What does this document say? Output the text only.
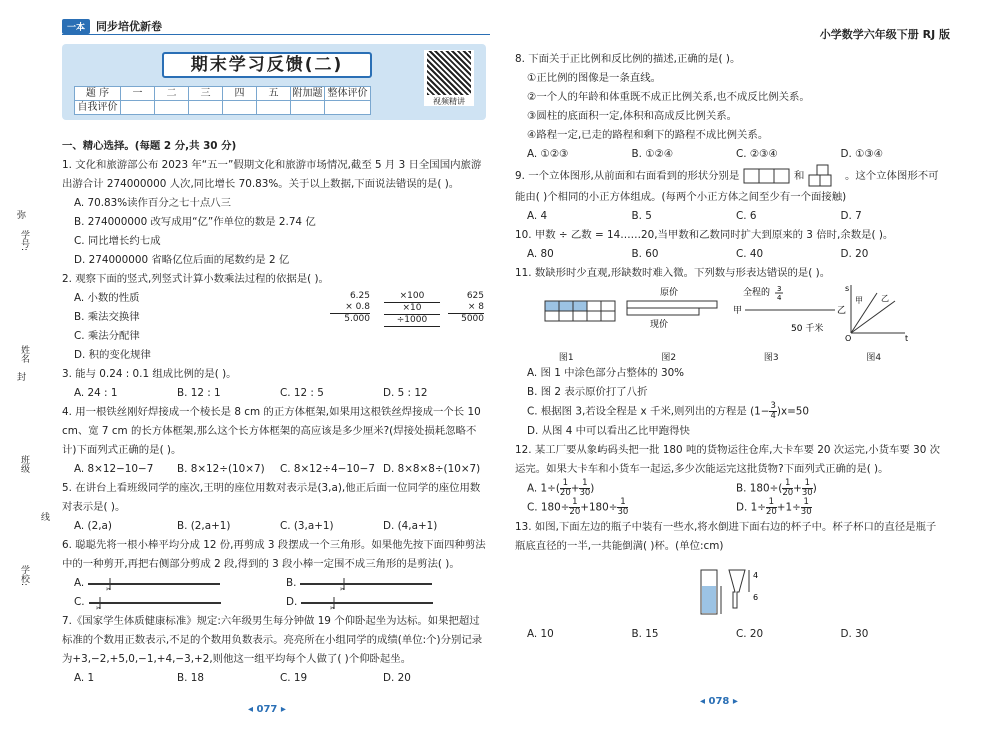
一本	同步培优新卷
小学数学六年级下册 RJ 版
弥
封
线
学号:
姓名
班级
学校:
期末学习反馈(二)
题 序	一	二	三	四	五	附加题	整体评价
自我评价							
视频精讲
一、精心选择。(每题 2 分,共 30 分)
1. 文化和旅游部公布 2023 年“五一”假期文化和旅游市场情况,截至 5 月 3 日全国国内旅游出游合计 274000000 人次,同比增长 70.83%。关于以上数据,下面说法错误的是( )。
A. 70.83%读作百分之七十点八三
B. 274000000 改写成用“亿”作单位的数是 2.74 亿
C. 同比增长约七成
D. 274000000 省略亿位后面的尾数约是 2 亿
2. 观察下面的竖式,列竖式计算小数乘法过程的依据是( )。
A. 小数的性质
B. 乘法交换律
C. 乘法分配律
D. 积的变化规律
6.25
× 0.8
5.000
×100
×10
÷1000
625
× 8
5000
3. 能与 0.24 : 0.1 组成比例的是( )。
A. 24 : 1	B. 12 : 1	C. 12 : 5	D. 5 : 12
4. 用一根铁丝刚好焊接成一个棱长是 8 cm 的正方体框架,如果用这根铁丝焊接成一个长 10 cm、宽 7 cm 的长方体框架,那么这个长方体框架的高应该是多少厘米?(焊接处损耗忽略不计)下面列式正确的是( )。
A. 8×12−10−7	B. 8×12÷(10×7)	C. 8×12÷4−10−7 D. 8×8×8÷(10×7)
5. 在讲台上看班级同学的座次,王明的座位用数对表示是(3,a),他正后面一位同学的座位用数对表示是( )。
A. (2,a)	B. (2,a+1)	C. (3,a+1)	D. (4,a+1)
6. 聪聪先将一根小棒平均分成 12 份,再剪成 3 段摆成一个三角形。如果他先按下面四种剪法中的一种剪开,再把右侧部分剪成 2 段,得到的 3 段小棒一定围不成三角形的是剪法( )。
A.	✂	B.	✂
C. ✂	D.	✂
7.《国家学生体质健康标准》规定:六年级男生每分钟做 19 个仰卧起坐为达标。如果把超过标准的个数用正数表示,不足的个数用负数表示。亮亮所在小组同学的成绩(单位:个)分别记录为+3,−2,+5,0,−1,+4,−3,+2,则他这一组平均每个人做了( )个仰卧起坐。
A. 1	B. 18	C. 19	D. 20
◂ 077 ▸
8. 下面关于正比例和反比例的描述,正确的是( )。
①正比例的图像是一条直线。
②一个人的年龄和体重既不成正比例关系,也不成反比例关系。
③圆柱的底面积一定,体积和高成反比例关系。
④路程一定,已走的路程和剩下的路程不成比例关系。
A. ①②③	B. ①②④	C. ②③④	D. ①③④
9. 一个立体图形,从前面和右面看到的形状分别是	和	。这个立体图形不可能由( )个相同的小正方体组成。(每两个小正方体之间至少有一个面接触)
A. 4	B. 5	C. 6	D. 7
10. 甲数 ÷ 乙数 = 14……20,当甲数和乙数同时扩大到原来的 3 倍时,余数是( )。
A. 80	B. 60	C. 40	D. 20
11. 数缺形时少直观,形缺数时难入微。下列数与形表达错误的是( )。
原价
现价
全程的 3
4
甲	乙
50 千米
s
t
甲 乙
O
图1	图2	图3	图4
A. 图 1 中涂色部分占整体的 30%
B. 图 2 表示原价打了八折
C. 根据图 3,若设全程是 x 千米,则列出的方程是 $(1- \frac{3}{4} )x=50$
D. 从图 4 中可以看出乙比甲跑得快
12. 某工厂要从象屿码头把一批 180 吨的货物运往仓库,大卡车要 20 次运完,小货车要 30 次运完。如果大卡车和小货车一起运,多少次能运完这批货物?下面列式正确的是( )。
A. $1\div( \frac{1}{20} + \frac{1}{30}$ )	B. $180\div( \frac{1}{20} + \frac{1}{30}$ )
C. $180\div \frac{1}{20} +180\div \frac{1}{30}$	D. $1\div \frac{1}{20} +1\div \frac{1}{30}$
13. 如图,下面左边的瓶子中装有一些水,将水倒进下面右边的杯子中。杯子杯口的直径是瓶子瓶底直径的一半,一共能倒满( )杯。(单位:cm)
4
6
A. 10	B. 15	C. 20	D. 30
◂ 078 ▸
